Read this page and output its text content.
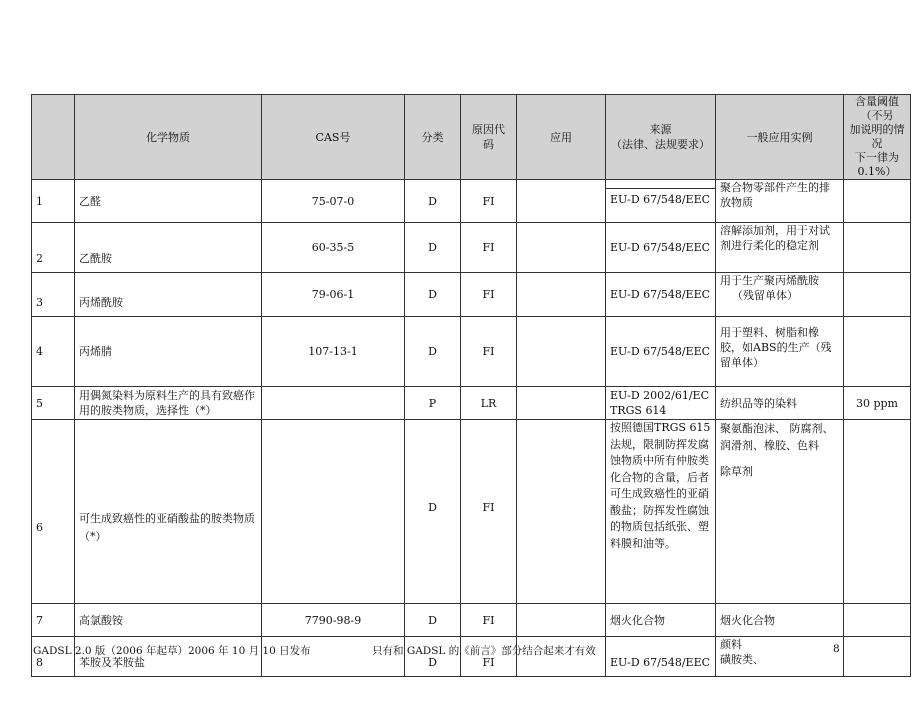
	化学物质	CAS号	分类	原因代
码	应用	来源
（法律、法规要求）	一般应用实例	含量阈值（不另
加说明的情况
下一律为0.1%）
1	乙醛	75-07-0	D	FI		EU-D 67/548/EEC	聚合物零部件产生的排放物质	

2	乙酰胺	60-35-5	D	FI		EU-D 67/548/EEC	溶解添加剂，用于对试剂进行柔化的稳定剂	
3	丙烯酰胺	79-06-1	D	FI		EU-D 67/548/EEC	用于生产聚丙烯酰胺
（残留单体）	
4	丙烯腈	107-13-1	D	FI		EU-D 67/548/EEC	用于塑料、树脂和橡胶，如ABS的生产（残留单体）	
5	用偶氮染料为原料生产的具有致癌作用的胺类物质，选择性（*）		P	LR		EU-D 2002/61/EC
TRGS 614	纺织品等的染料	30 ppm
6	可生成致癌性的亚硝酸盐的胺类物质（*）		D	FI		按照德国TRGS 615法规，限制防挥发腐蚀物质中所有仲胺类化合物的含量，后者可生成致癌性的亚硝酸盐；防挥发性腐蚀的物质包括纸张、塑料膜和油等。	聚氨酯泡沫、 防腐剂、润滑剂、橡胶、色料
除草剂	
7	高氯酸铵	7790-98-9	D	FI		烟火化合物	烟火化合物	
8	苯胺及苯胺盐		D	FI		EU-D 67/548/EEC	颜料
磺胺类、	
GADSL 2.0 版（2006 年起草）2006 年 10 月 10 日发布	只有和 GADSL 的《前言》部分结合起来才有效	8
